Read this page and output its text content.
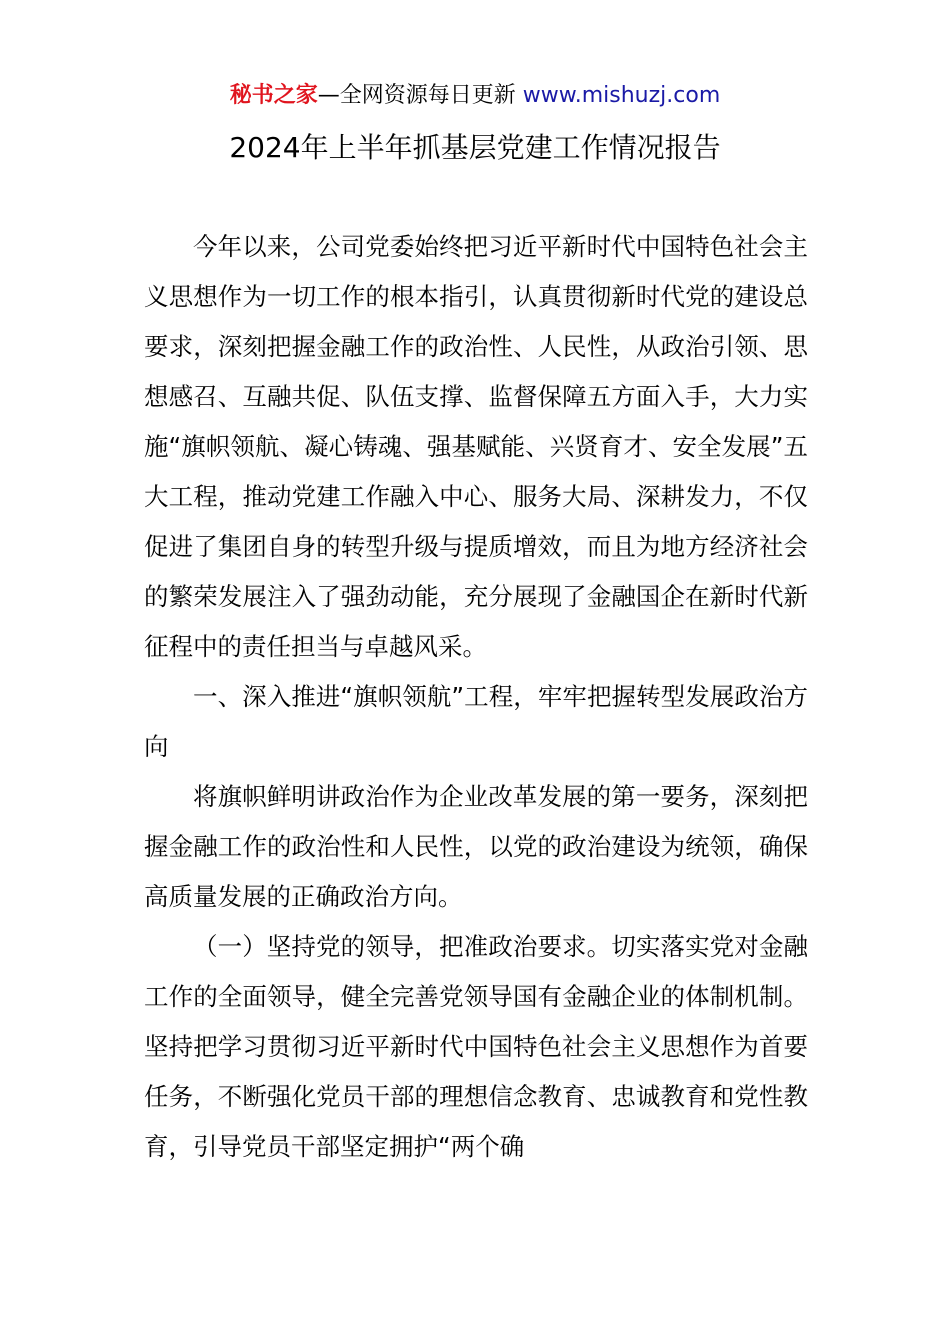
秘书之家—全网资源每日更新 www.mishuzj.com
2024年上半年抓基层党建工作情况报告

今年以来，公司党委始终把习近平新时代中国特色社会主义思想作为一切工作的根本指引，认真贯彻新时代党的建设总要求，深刻把握金融工作的政治性、人民性，从政治引领、思想感召、互融共促、队伍支撑、监督保障五方面入手，大力实施“旗帜领航、凝心铸魂、强基赋能、兴贤育才、安全发展”五大工程，推动党建工作融入中心、服务大局、深耕发力，不仅促进了集团自身的转型升级与提质增效，而且为地方经济社会的繁荣发展注入了强劲动能，充分展现了金融国企在新时代新征程中的责任担当与卓越风采。

一、深入推进“旗帜领航”工程，牢牢把握转型发展政治方向

将旗帜鲜明讲政治作为企业改革发展的第一要务，深刻把握金融工作的政治性和人民性，以党的政治建设为统领，确保高质量发展的正确政治方向。

（一）坚持党的领导，把准政治要求。切实落实党对金融工作的全面领导，健全完善党领导国有金融企业的体制机制。坚持把学习贯彻习近平新时代中国特色社会主义思想作为首要任务，不断强化党员干部的理想信念教育、忠诚教育和党性教育，引导党员干部坚定拥护“两个确
